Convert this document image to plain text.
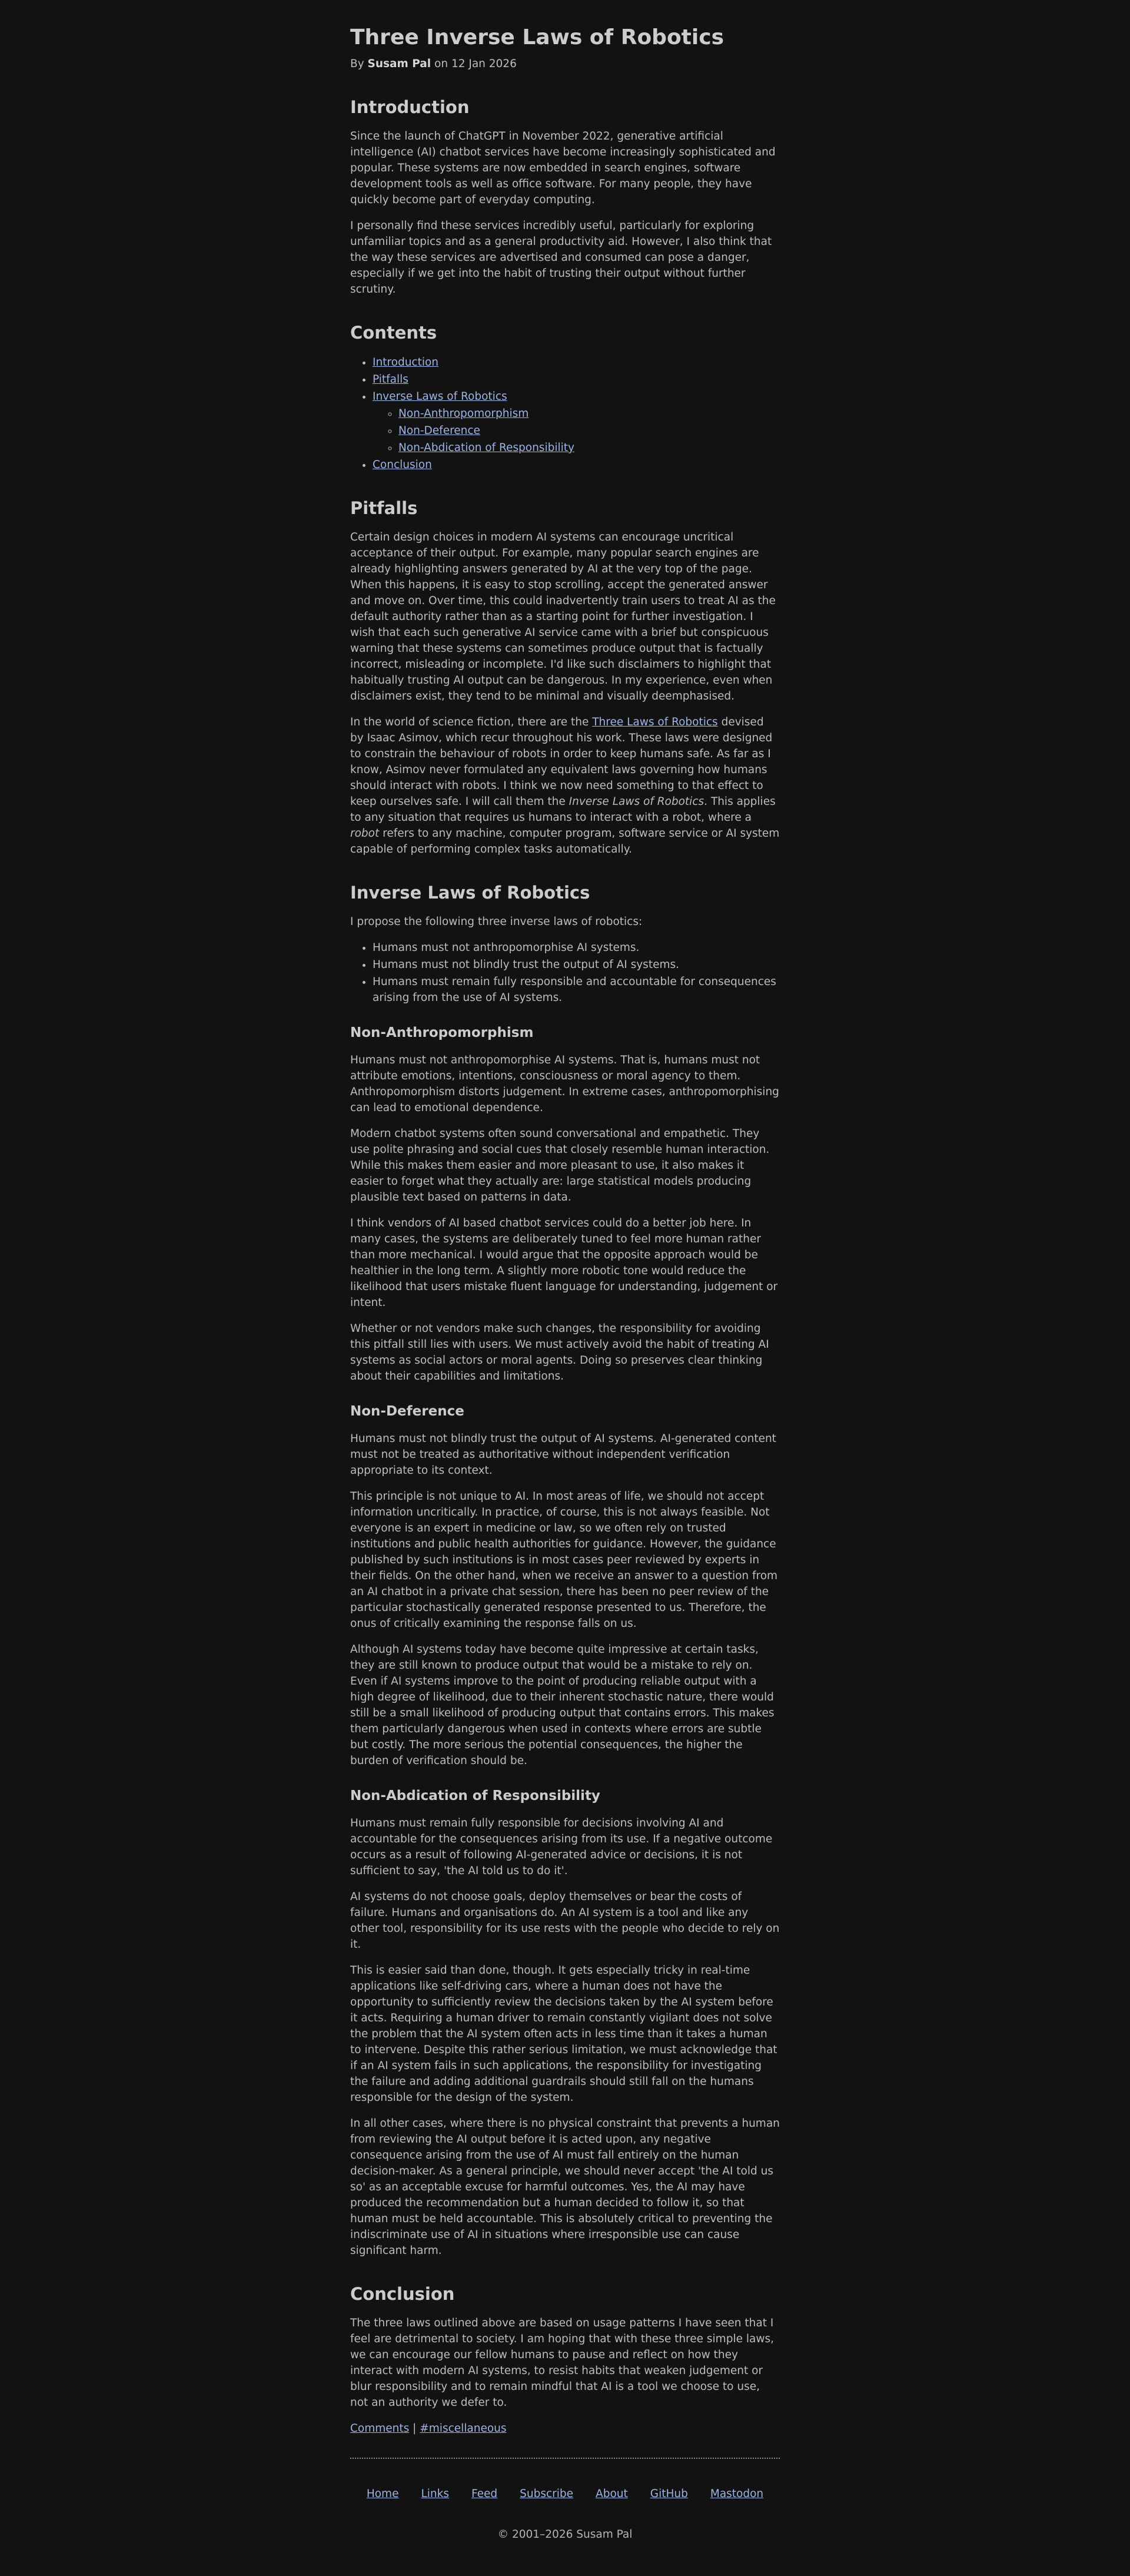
Three Inverse Laws of Robotics

By Susam Pal on 12 Jan 2026

Introduction

Since the launch of ChatGPT in November 2022, generative artificial intelligence (AI) chatbot services have become increasingly sophisticated and popular. These systems are now embedded in search engines, software development tools as well as office software. For many people, they have quickly become part of everyday computing.

I personally find these services incredibly useful, particularly for exploring unfamiliar topics and as a general productivity aid. However, I also think that the way these services are advertised and consumed can pose a danger, especially if we get into the habit of trusting their output without further scrutiny.

Contents
• Introduction
• Pitfalls
• Inverse Laws of Robotics
◦ Non-Anthropomorphism
◦ Non-Deference
◦ Non-Abdication of Responsibility
• Conclusion
Pitfalls

Certain design choices in modern AI systems can encourage uncritical acceptance of their output. For example, many popular search engines are already highlighting answers generated by AI at the very top of the page. When this happens, it is easy to stop scrolling, accept the generated answer and move on. Over time, this could inadvertently train users to treat AI as the default authority rather than as a starting point for further investigation. I wish that each such generative AI service came with a brief but conspicuous warning that these systems can sometimes produce output that is factually incorrect, misleading or incomplete. I'd like such disclaimers to highlight that habitually trusting AI output can be dangerous. In my experience, even when disclaimers exist, they tend to be minimal and visually deemphasised.

In the world of science fiction, there are the Three Laws of Robotics devised by Isaac Asimov, which recur throughout his work. These laws were designed to constrain the behaviour of robots in order to keep humans safe. As far as I know, Asimov never formulated any equivalent laws governing how humans should interact with robots. I think we now need something to that effect to keep ourselves safe. I will call them the Inverse Laws of Robotics. This applies to any situation that requires us humans to interact with a robot, where a robot refers to any machine, computer program, software service or AI system capable of performing complex tasks automatically.

Inverse Laws of Robotics

I propose the following three inverse laws of robotics:

• Humans must not anthropomorphise AI systems.
• Humans must not blindly trust the output of AI systems.
• Humans must remain fully responsible and accountable for consequences arising from the use of AI systems.
Non-Anthropomorphism

Humans must not anthropomorphise AI systems. That is, humans must not attribute emotions, intentions, consciousness or moral agency to them. Anthropomorphism distorts judgement. In extreme cases, anthropomorphising can lead to emotional dependence.

Modern chatbot systems often sound conversational and empathetic. They use polite phrasing and social cues that closely resemble human interaction. While this makes them easier and more pleasant to use, it also makes it easier to forget what they actually are: large statistical models producing plausible text based on patterns in data.

I think vendors of AI based chatbot services could do a better job here. In many cases, the systems are deliberately tuned to feel more human rather than more mechanical. I would argue that the opposite approach would be healthier in the long term. A slightly more robotic tone would reduce the likelihood that users mistake fluent language for understanding, judgement or intent.

Whether or not vendors make such changes, the responsibility for avoiding this pitfall still lies with users. We must actively avoid the habit of treating AI systems as social actors or moral agents. Doing so preserves clear thinking about their capabilities and limitations.

Non-Deference

Humans must not blindly trust the output of AI systems. AI-generated content must not be treated as authoritative without independent verification appropriate to its context.

This principle is not unique to AI. In most areas of life, we should not accept information uncritically. In practice, of course, this is not always feasible. Not everyone is an expert in medicine or law, so we often rely on trusted institutions and public health authorities for guidance. However, the guidance published by such institutions is in most cases peer reviewed by experts in their fields. On the other hand, when we receive an answer to a question from an AI chatbot in a private chat session, there has been no peer review of the particular stochastically generated response presented to us. Therefore, the onus of critically examining the response falls on us.

Although AI systems today have become quite impressive at certain tasks, they are still known to produce output that would be a mistake to rely on. Even if AI systems improve to the point of producing reliable output with a high degree of likelihood, due to their inherent stochastic nature, there would still be a small likelihood of producing output that contains errors. This makes them particularly dangerous when used in contexts where errors are subtle but costly. The more serious the potential consequences, the higher the burden of verification should be.

Non-Abdication of Responsibility

Humans must remain fully responsible for decisions involving AI and accountable for the consequences arising from its use. If a negative outcome occurs as a result of following AI-generated advice or decisions, it is not sufficient to say, 'the AI told us to do it'.

AI systems do not choose goals, deploy themselves or bear the costs of failure. Humans and organisations do. An AI system is a tool and like any other tool, responsibility for its use rests with the people who decide to rely on it.

This is easier said than done, though. It gets especially tricky in real-time applications like self-driving cars, where a human does not have the opportunity to sufficiently review the decisions taken by the AI system before it acts. Requiring a human driver to remain constantly vigilant does not solve the problem that the AI system often acts in less time than it takes a human to intervene. Despite this rather serious limitation, we must acknowledge that if an AI system fails in such applications, the responsibility for investigating the failure and adding additional guardrails should still fall on the humans responsible for the design of the system.

In all other cases, where there is no physical constraint that prevents a human from reviewing the AI output before it is acted upon, any negative consequence arising from the use of AI must fall entirely on the human decision-maker. As a general principle, we should never accept 'the AI told us so' as an acceptable excuse for harmful outcomes. Yes, the AI may have produced the recommendation but a human decided to follow it, so that human must be held accountable. This is absolutely critical to preventing the indiscriminate use of AI in situations where irresponsible use can cause significant harm.

Conclusion

The three laws outlined above are based on usage patterns I have seen that I feel are detrimental to society. I am hoping that with these three simple laws, we can encourage our fellow humans to pause and reflect on how they interact with modern AI systems, to resist habits that weaken judgement or blur responsibility and to remain mindful that AI is a tool we choose to use, not an authority we defer to.

Comments | #miscellaneous

Home Links Feed Subscribe About GitHub Mastodon

© 2001–2026 Susam Pal
